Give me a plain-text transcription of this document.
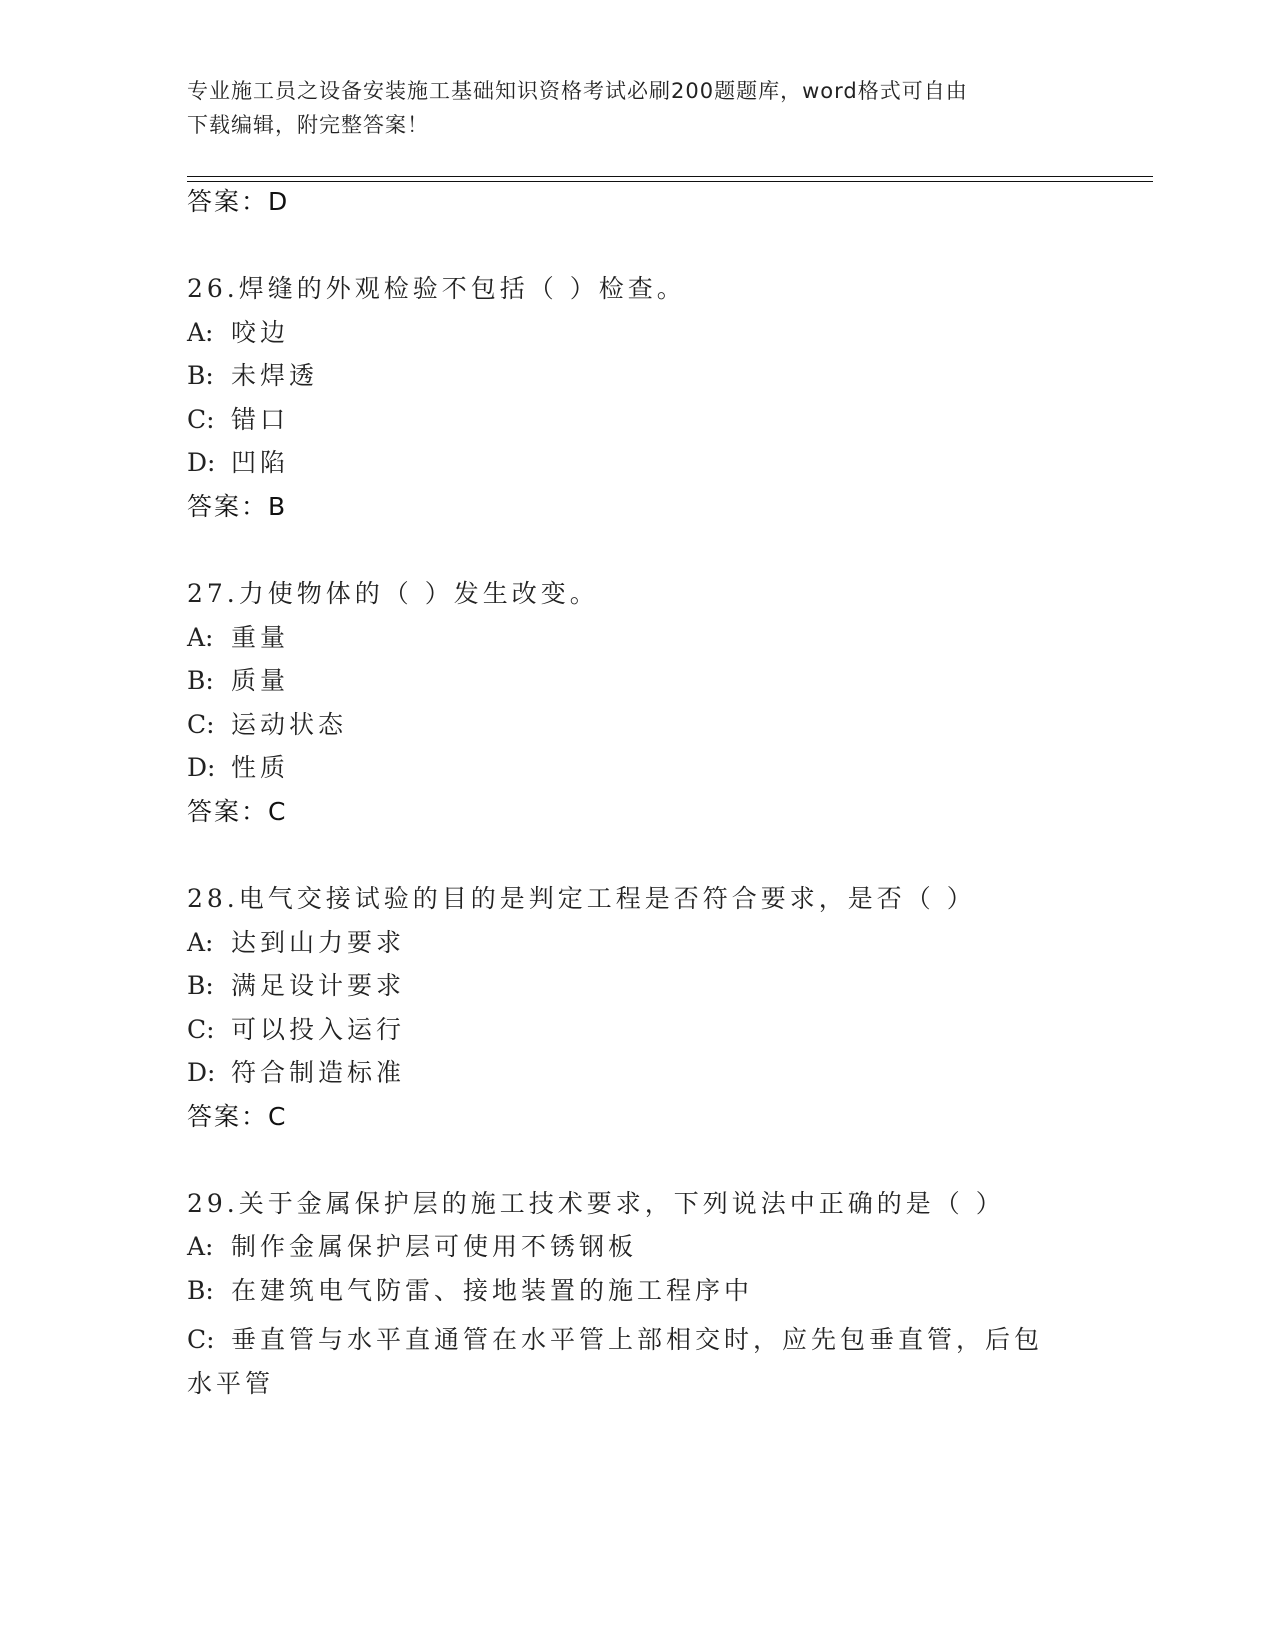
专业施工员之设备安装施工基础知识资格考试必刷200题题库，word格式可自由
下载编辑，附完整答案！
答案：D
26.焊缝的外观检验不包括（ ）检查。
A: 咬边
B: 未焊透
C: 错口
D: 凹陷
答案：B
27.力使物体的（ ）发生改变。
A: 重量
B: 质量
C: 运动状态
D: 性质
答案：C
28.电气交接试验的目的是判定工程是否符合要求，是否（ ）
A: 达到山力要求
B: 满足设计要求
C: 可以投入运行
D: 符合制造标准
答案：C
29.关于金属保护层的施工技术要求，下列说法中正确的是（ ）
A: 制作金属保护层可使用不锈钢板
B: 在建筑电气防雷、接地装置的施工程序中
C: 垂直管与水平直通管在水平管上部相交时，应先包垂直管，后包水平管
